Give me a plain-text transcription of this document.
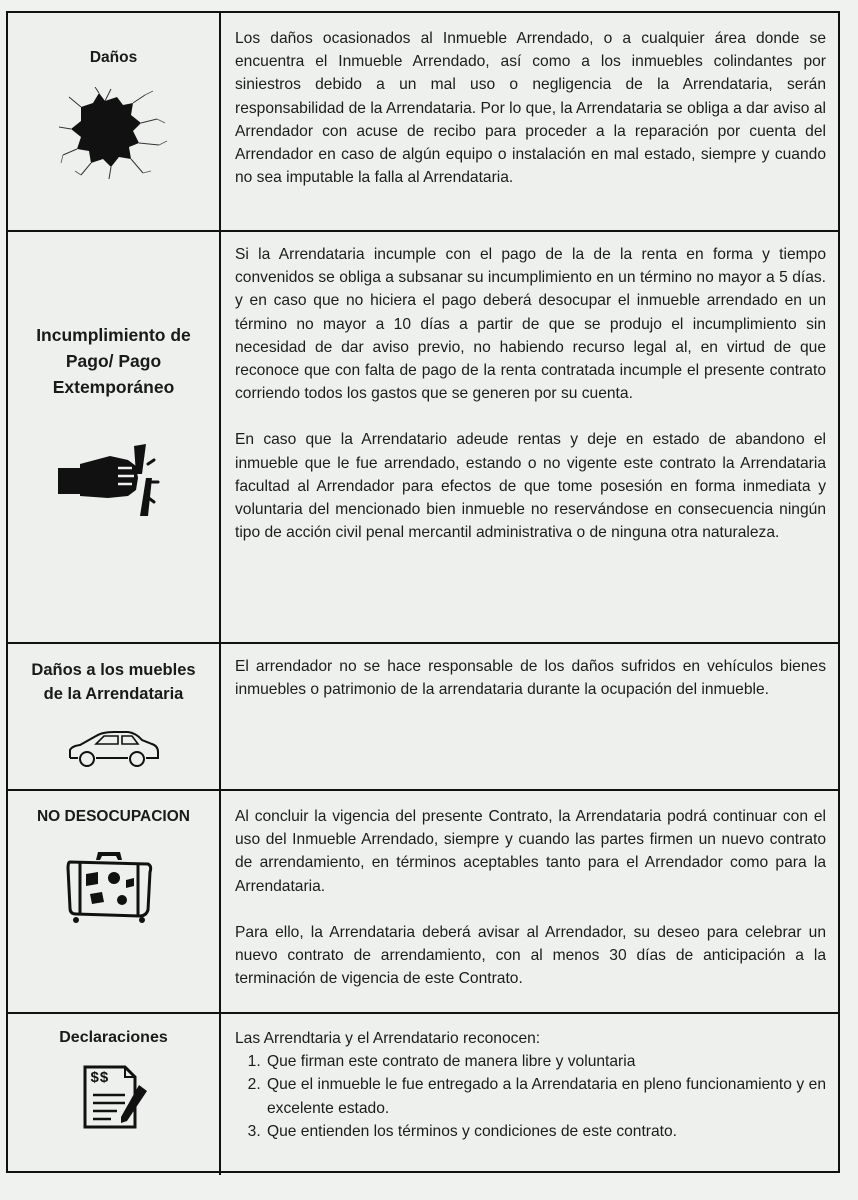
Daños

Los daños ocasionados al Inmueble Arrendado, o a cualquier área donde se encuentra el Inmueble Arrendado, así como a los inmuebles colindantes por siniestros debido a un mal uso o negligencia de la Arrendataria, serán responsabilidad de la Arrendataria. Por lo que, la Arrendataria se obliga a dar aviso al Arrendador con acuse de recibo para proceder a la reparación por cuenta del Arrendador en caso de algún equipo o instalación en mal estado, siempre y cuando no sea imputable la falla al Arrendataria.

Incumplimiento de Pago/ Pago Extemporáneo

Si la Arrendataria incumple con el pago de la de la renta en forma y tiempo convenidos se obliga a subsanar su incumplimiento en un término no mayor a 5 días. y en caso que no hiciera el pago deberá desocupar el inmueble arrendado en un término no mayor a 10 días a partir de que se produjo el incumplimiento sin necesidad de dar aviso previo, no habiendo recurso legal al, en virtud de que reconoce que con falta de pago de la renta contratada incumple el presente contrato corriendo todos los gastos que se generen por su cuenta.

En caso que la Arrendatario adeude rentas y deje en estado de abandono el inmueble que le fue arrendado, estando o no vigente este contrato la Arrendataria facultad al Arrendador para efectos de que tome posesión en forma inmediata y voluntaria del mencionado bien inmueble no reservándose en consecuencia ningún tipo de acción civil penal mercantil administrativa o de ninguna otra naturaleza.

Daños a los muebles de la Arrendataria

El arrendador no se hace responsable de los daños sufridos en vehículos bienes inmuebles o patrimonio de la arrendataria durante la ocupación del inmueble.

NO DESOCUPACION	Al concluir la vigencia del presente Contrato, la Arrendataria podrá continuar con el uso del Inmueble Arrendado, siempre y cuando las partes firmen un nuevo contrato de arrendamiento, en términos aceptables tanto para el Arrendador como para la Arrendataria.

Para ello, la Arrendataria deberá avisar al Arrendador, su deseo para celebrar un nuevo contrato de arrendamiento, con al menos 30 días de anticipación a la terminación de vigencia de este Contrato.

Declaraciones
$$

Las Arrendtaria y el Arrendatario reconocen:

1. Que firman este contrato de manera libre y voluntaria
2. Que el inmueble le fue entregado a la Arrendataria en pleno funcionamiento y en excelente estado.
3. Que entienden los términos y condiciones de este contrato.
